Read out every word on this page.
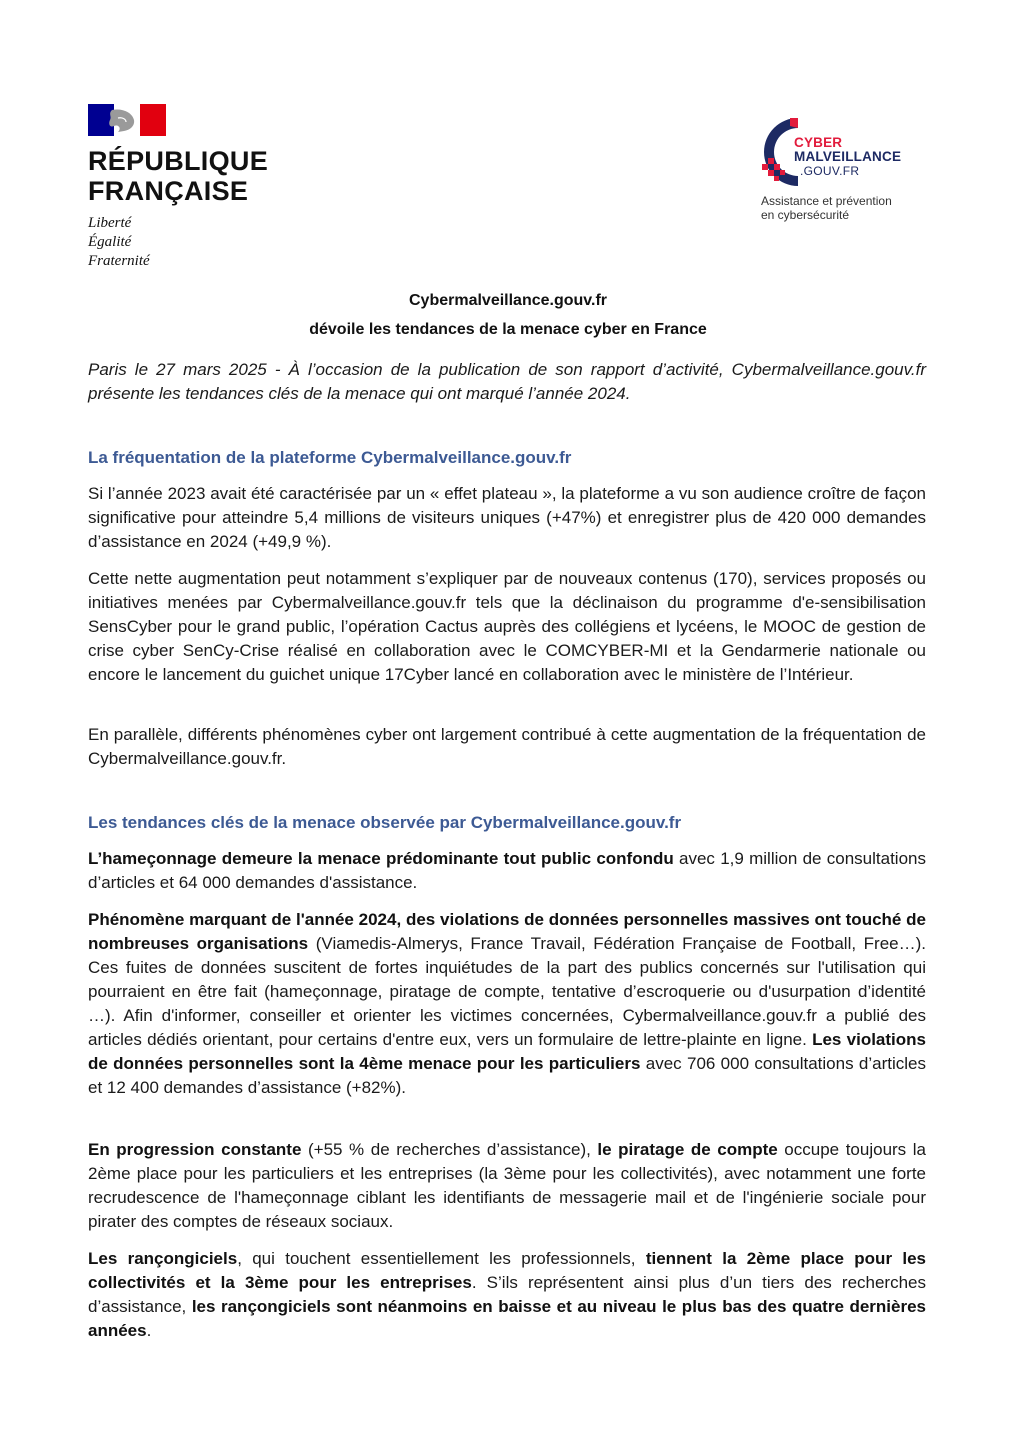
RÉPUBLIQUE
FRANÇAISE
Liberté
Égalité
Fraternité
CYBER
MALVEILLANCE
.GOUV.FR
Assistance et prévention
en cybersécurité
Cybermalveillance.gouv.fr
dévoile les tendances de la menace cyber en France
Paris le 27 mars 2025 - À l’occasion de la publication de son rapport d’activité, Cybermalveillance.gouv.fr présente les tendances clés de la menace qui ont marqué l’année 2024.
La fréquentation de la plateforme Cybermalveillance.gouv.fr
Si l’année 2023 avait été caractérisée par un « effet plateau », la plateforme a vu son audience croître de façon significative pour atteindre 5,4 millions de visiteurs uniques (+47%) et enregistrer plus de 420 000 demandes d’assistance en 2024 (+49,9 %).
Cette nette augmentation peut notamment s’expliquer par de nouveaux contenus (170), services proposés ou initiatives menées par Cybermalveillance.gouv.fr tels que la déclinaison du programme d'e-sensibilisation SensCyber pour le grand public, l’opération Cactus auprès des collégiens et lycéens, le MOOC de gestion de crise cyber SenCy-Crise réalisé en collaboration avec le COMCYBER-MI et la Gendarmerie nationale ou encore le lancement du guichet unique 17Cyber lancé en collaboration avec le ministère de l’Intérieur.
En parallèle, différents phénomènes cyber ont largement contribué à cette augmentation de la fréquentation de Cybermalveillance.gouv.fr.
Les tendances clés de la menace observée par Cybermalveillance.gouv.fr
L’hameçonnage demeure la menace prédominante tout public confondu avec 1,9 million de consultations d’articles et 64 000 demandes d'assistance.
Phénomène marquant de l'année 2024, des violations de données personnelles massives ont touché de nombreuses organisations (Viamedis-Almerys, France Travail, Fédération Française de Football, Free…). Ces fuites de données suscitent de fortes inquiétudes de la part des publics concernés sur l'utilisation qui pourraient en être fait (hameçonnage, piratage de compte, tentative d’escroquerie ou d'usurpation d’identité …). Afin d'informer, conseiller et orienter les victimes concernées, Cybermalveillance.gouv.fr a publié des articles dédiés orientant, pour certains d'entre eux, vers un formulaire de lettre-plainte en ligne. Les violations de données personnelles sont la 4ème menace pour les particuliers avec 706 000 consultations d’articles et 12 400 demandes d’assistance (+82%).
En progression constante (+55 % de recherches d’assistance), le piratage de compte occupe toujours la 2ème place pour les particuliers et les entreprises (la 3ème pour les collectivités), avec notamment une forte recrudescence de l'hameçonnage ciblant les identifiants de messagerie mail et de l'ingénierie sociale pour pirater des comptes de réseaux sociaux.
Les rançongiciels, qui touchent essentiellement les professionnels, tiennent la 2ème place pour les collectivités et la 3ème pour les entreprises. S’ils représentent ainsi plus d’un tiers des recherches d’assistance, les rançongiciels sont néanmoins en baisse et au niveau le plus bas des quatre dernières années.
